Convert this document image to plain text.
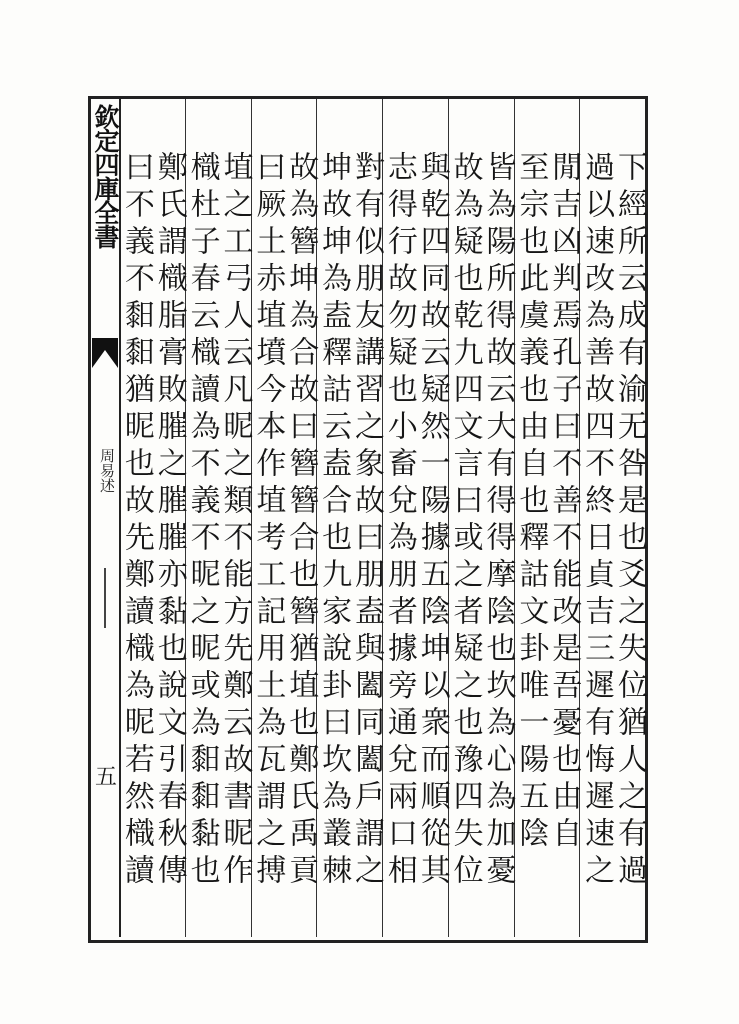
欽定四庫全書
周易述
五	下經所云成有渝无咎是也爻之失位猶人之有過
過以速改為善故四不終日貞吉三遲有悔遲速之
閒吉凶判焉孔子曰不善不能改是吾憂也由自
至宗也此虞義也由自也釋詁文卦唯一陽五陰
皆為陽所得故云大有得得摩陰也坎為心為加憂
故為疑也乾九四文言曰或之者疑之也豫四失位
與乾四同故云疑然一陽據五陰坤以衆而順從其
志得行故勿疑也小畜兌為朋者據旁通兌兩口相
對有似朋友講習之象故曰朋盍與闔同闔戶謂之
坤故坤為盍釋詁云盍合也九家說卦曰坎為叢棘
故為簪坤為合故曰簪簪合也簪猶埴也鄭氏禹貢
曰厥土赤埴墳今本作埴考工記用土為瓦謂之搏
埴之工弓人云凡昵之類不能方先鄭云故書昵作
樴杜子春云樴讀為不義不昵之昵或為䵒䵒黏也
鄭氏謂樴脂膏敗膗之膗膗亦黏也說文引春秋傳
曰不義不䵒䵒猶昵也故先鄭讀樴為昵若然樴讀
